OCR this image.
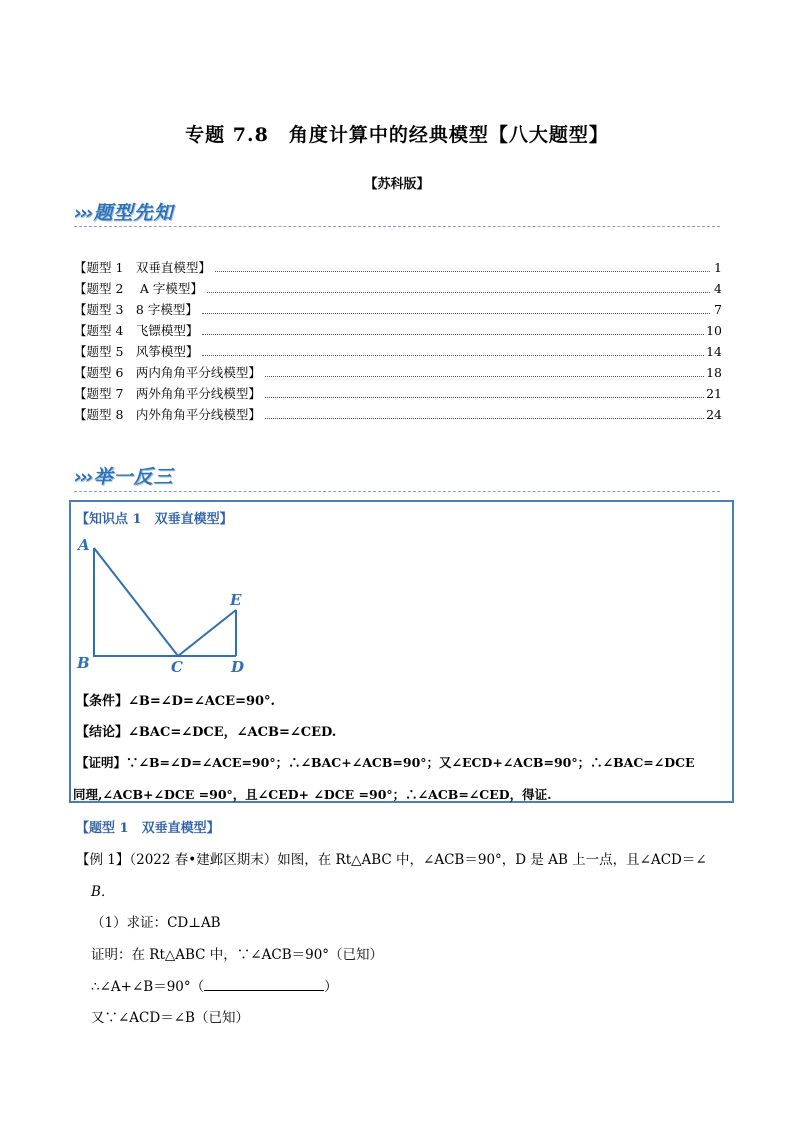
专题 7.8　角度计算中的经典模型【八大题型】
【苏科版】
››› 题型先知
【题型 1　双垂直模型】	1
【题型 2　 A 字模型】	4
【题型 3　8 字模型】	7
【题型 4　飞镖模型】	10
【题型 5　风筝模型】	14
【题型 6　两内角角平分线模型】	18
【题型 7　两外角角平分线模型】	21
【题型 8　内外角角平分线模型】	24
››› 举一反三
【知识点 1　双垂直模型】
A
B	C	D
E
【条件】∠B=∠D=∠ACE=90°.
【结论】∠BAC=∠DCE，∠ACB=∠CED.
【证明】∵∠B=∠D=∠ACE=90°；∴∠BAC+∠ACB=90°；又∠ECD+∠ACB=90°；∴∠BAC=∠DCE
同理,∠ACB+∠DCE =90°，且∠CED+ ∠DCE =90°；∴∠ACB=∠CED，得证.
【题型 1　双垂直模型】
【例 1】（2022 春•建邺区期末）如图，在 Rt△ABC 中，∠ACB＝90°，D 是 AB 上一点，且∠ACD＝∠
B．
（1）求证：CD⊥AB
证明：在 Rt△ABC 中，∵∠ACB＝90°（已知）
∴∠A+∠B＝90°（	）
又∵∠ACD＝∠B（已知）
